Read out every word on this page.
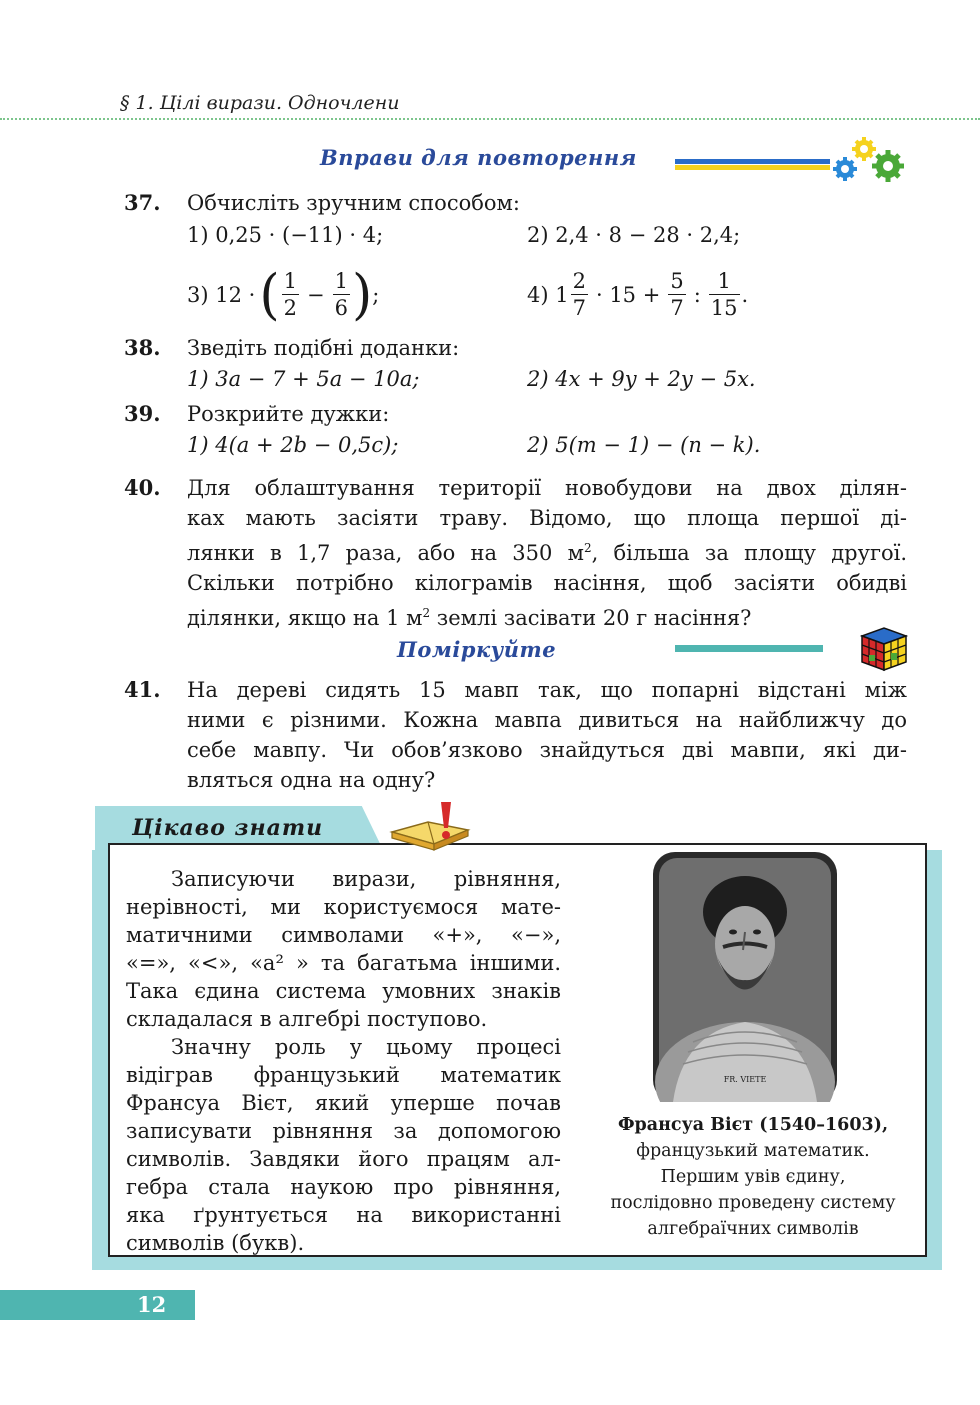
§ 1. Цілі вирази. Одночлени
Вправи для повторення
37. Обчисліть зручним способом:
1) 0,25 · (−11) · 4;	2) 2,4 · 8 − 28 · 2,4;
3) 12 · ( $\frac{1}{2} - \frac{1}{6}$ ) ;	4) $1 \frac{2}{7} \cdot 15 + \frac{5}{7}$ : $\frac{1}{15}$ .
38. Зведіть подібні доданки:
1) 3a − 7 + 5a − 10a;	2) 4x + 9y + 2y − 5x.
39. Розкрийте дужки:
1) 4(a + 2b − 0,5c);	2) 5(m − 1) − (n − k).
40. Для облаштування території новобудови на двох ділян-
ках мають засіяти траву. Відомо, що площа першої ді-
лянки в 1,7 раза, або на 350 $м^2$, більша за площу другої.
Скільки потрібно кілограмів насіння, щоб засіяти обидві
ділянки, якщо на 1 $м^2$ землі засівати 20 г насіння?
Поміркуйте
41. На дереві сидять 15 мавп так, що попарні відстані між
ними є різними. Кожна мавпа дивиться на найближчу до
себе мавпу. Чи обов’язково знайдуться дві мавпи, які ди-
вляться одна на одну?
Цікаво знати
Записуючи вирази, рівняння,
нерівності, ми користуємося мате-
матичними символами «+», «−»,
«=», «<», «a² » та багатьма іншими.
Така єдина система умовних знаків
складалася в алгебрі поступово.
Значну роль у цьому процесі
відіграв французький математик
Франсуа Вієт, який уперше почав
записувати рівняння за допомогою
символів. Завдяки його працям ал-
гебра стала наукою про рівняння,
яка ґрунтується на використанні
символів (букв).
FR. VIETE
Франсуа Вієт (1540–1603),
французький математик.
Першим увів єдину,
послідовно проведену систему
алгебраїчних символів
12
